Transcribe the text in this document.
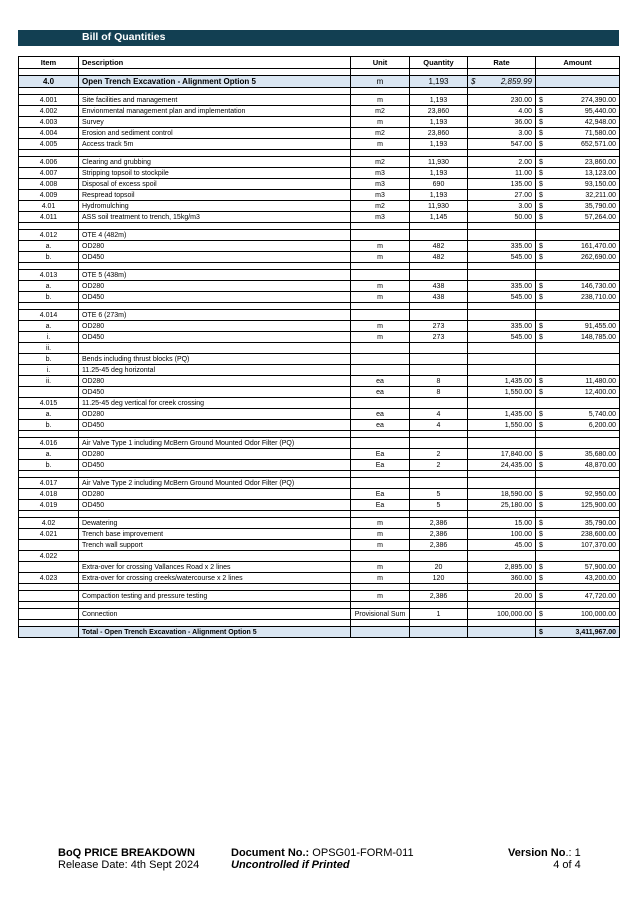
Bill of Quantities
Item	Description	Unit	Quantity	Rate	Amount	

4.0	Open Trench Excavation - Alignment Option 5	m	1,193	$ 2,859.99		

4.001	Site facilities and management	m	1,193	230.00	$	274,390.00
4.002	Envionmental management plan and implementation	m2	23,860	4.00	$	95,440.00
4.003	Survey	m	1,193	36.00	$	42,948.00
4.004	Erosion and sediment control	m2	23,860	3.00	$	71,580.00
4.005	Access track 5m	m	1,193	547.00	$	652,571.00

4.006	Clearing and grubbing	m2	11,930	2.00	$	23,860.00
4.007	Stripping topsoil to stockpile	m3	1,193	11.00	$	13,123.00
4.008	Disposal of excess spoil	m3	690	135.00	$	93,150.00
4.009	Respread topsoil	m3	1,193	27.00	$	32,211.00
4.01	Hydromulching	m2	11,930	3.00	$	35,790.00
4.011	ASS soil treatment to trench, 15kg/m3	m3	1,145	50.00	$	57,264.00

4.012	OTE 4 (482m)					
a.	OD280	m	482	335.00	$	161,470.00
b.	OD450	m	482	545.00	$	262,690.00

4.013	OTE 5 (438m)					
a.	OD280	m	438	335.00	$	146,730.00
b.	OD450	m	438	545.00	$	238,710.00

4.014	OTE 6 (273m)					
a.	OD280	m	273	335.00	$	91,455.00
i.	OD450	m	273	545.00	$	148,785.00
ii.						
b.	Bends including thrust blocks (PQ)					
i.	11.25-45 deg horizontal					
ii.	OD280	ea	8	1,435.00	$	11,480.00
	OD450	ea	8	1,550.00	$	12,400.00
4.015	11.25-45 deg vertical for creek crossing					
a.	OD280	ea	4	1,435.00	$	5,740.00
b.	OD450	ea	4	1,550.00	$	6,200.00

4.016	Air Valve Type 1 including McBern Ground Mounted Odor Filter (PQ)					
a.	OD280	Ea	2	17,840.00	$	35,680.00
b.	OD450	Ea	2	24,435.00	$	48,870.00

4.017	Air Valve Type 2 including McBern Ground Mounted Odor Filter (PQ)					
4.018	OD280	Ea	5	18,590.00	$	92,950.00
4.019	OD450	Ea	5	25,180.00	$	125,900.00

4.02	Dewatering	m	2,386	15.00	$	35,790.00
4.021	Trench base improvement	m	2,386	100.00	$	238,600.00
	Trench wall support	m	2,386	45.00	$	107,370.00
4.022						
	Extra-over for crossing Vallances Road x 2 lines	m	20	2,895.00	$	57,900.00
4.023	Extra-over for crossing creeks/watercourse x 2 lines	m	120	360.00	$	43,200.00

	Compaction testing and pressure testing	m	2,386	20.00	$	47,720.00

	Connection	Provisional Sum	1	100,000.00	$	100,000.00

	Total - Open Trench Excavation - Alignment Option 5				$	3,411,967.00
BoQ PRICE BREAKDOWN
Release Date: 4th Sept 2024
Document No.: OPSG01-FORM-011
Uncontrolled if Printed
Version No.: 1
4 of 4
